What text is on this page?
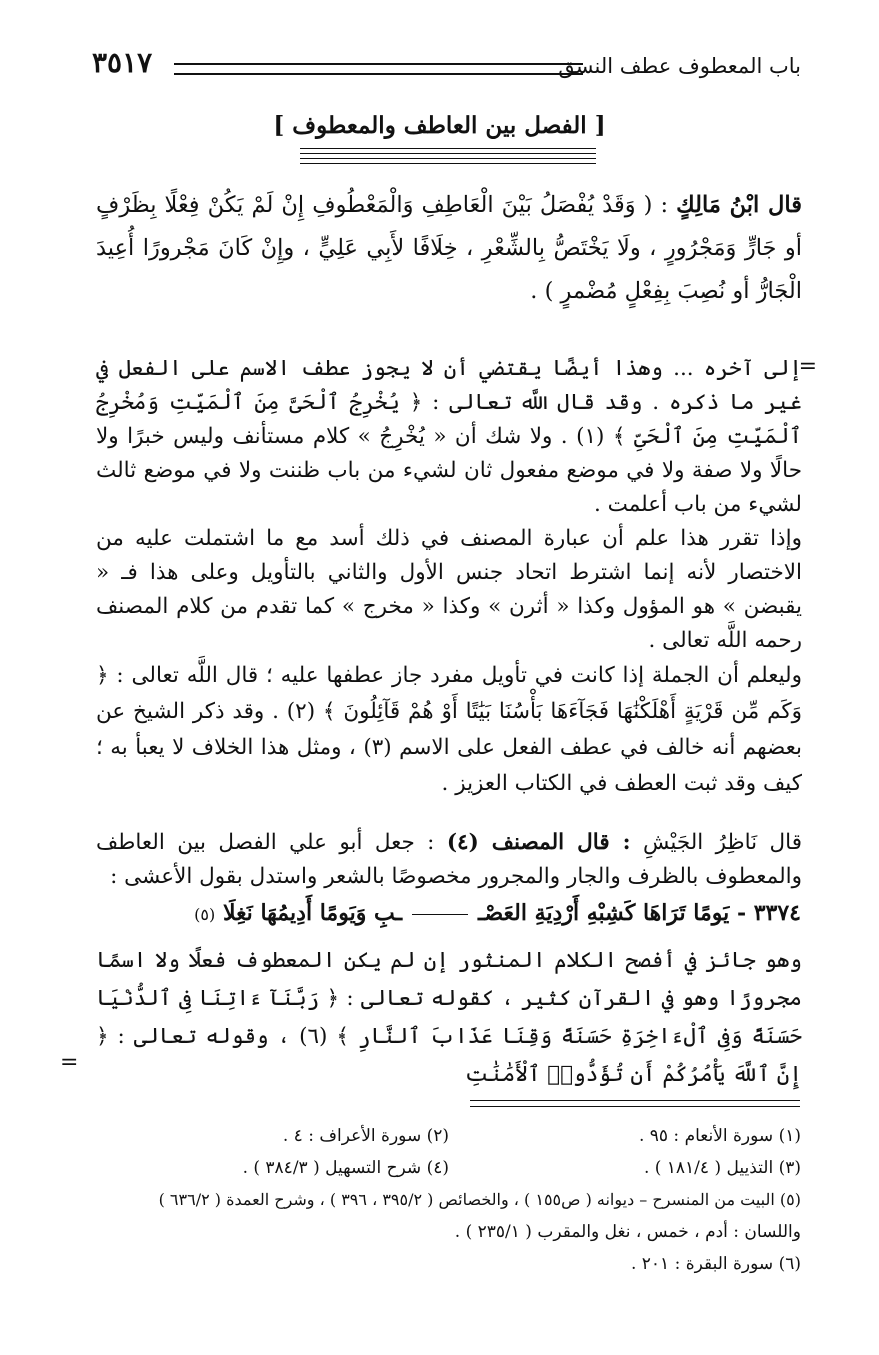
باب المعطوف عطف النسق
٣٥١٧
[ الفصل بين العاطف والمعطوف ]

قال ابْنُ مَالِكٍ : ( وَقَدْ يُفْصَلُ بَيْنَ الْعَاطِفِ وَالْمَعْطُوفِ إِنْ لَمْ يَكُنْ فِعْلًا بِظَرْفٍ أو جَارٍّ وَمَجْرُورٍ ، ولَا يَخْتَصُّ بِالشِّعْرِ ، خِلَافًا لأَبِي عَلِيٍّ ، وإِنْ كَانَ مَجْرورًا أُعِيدَ الْجَارُّ أو نُصِبَ بِفِعْلٍ مُضْمرٍ ) .

=

إلى آخره ... وهذا أيضًا يقتضي أن لا يجوز عطف الاسم على الفعل في غير ما ذكره . وقد قال اللَّه تعالى : ﴿ يُخْرِجُ ٱلْحَىَّ مِنَ ٱلْمَيِّتِ وَمُخْرِجُ ٱلْمَيِّتِ مِنَ ٱلْحَىِّ ﴾ (١) . ولا شك أن « يُخْرِجُ » كلام مستأنف وليس خبرًا ولا حالًا ولا صفة ولا في موضع مفعول ثان لشيء من باب ظننت ولا في موضع ثالث لشيء من باب أعلمت .

وإذا تقرر هذا علم أن عبارة المصنف في ذلك أسد مع ما اشتملت عليه من الاختصار لأنه إنما اشترط اتحاد جنس الأول والثاني بالتأويل وعلى هذا فـ « يقبضن » هو المؤول وكذا « أثرن » وكذا « مخرج » كما تقدم من كلام المصنف رحمه اللَّه تعالى .

وليعلم أن الجملة إذا كانت في تأويل مفرد جاز عطفها عليه ؛ قال اللَّه تعالى : ﴿ وَكَم مِّن قَرْيَةٍ أَهْلَكْنَٰهَا فَجَآءَهَا بَأْسُنَا بَيَٰتًا أَوْ هُمْ قَآئِلُونَ ﴾ (٢) . وقد ذكر الشيخ عن بعضهم أنه خالف في عطف الفعل على الاسم (٣) ، ومثل هذا الخلاف لا يعبأ به ؛ كيف وقد ثبت العطف في الكتاب العزيز .

قال نَاظِرُ الجَيْشِ : قال المصنف (٤) : جعل أبو علي الفصل بين العاطف والمعطوف بالظرف والجار والمجرور مخصوصًا بالشعر واستدل بقول الأعشى :

٣٣٧٤ - يَومًا تَرَاهَا كَشِبْهِ أَرْدِيَةِ العَصْــبِ وَيَومًا أَدِيمُهَا نَغِلَا (٥)

وهو جائز في أفصح الكلام المنثور إن لم يكن المعطوف فعلًا ولا اسمًا مجرورًا وهو في القرآن كثير ، كقوله تعالى : ﴿ رَبَّنَآ ءَاتِنَا فِى ٱلدُّنْيَا حَسَنَةً وَفِى ٱلْءَاخِرَةِ حَسَنَةً وَقِنَا عَذَابَ ٱلنَّارِ ﴾ (٦) ، وقوله تعالى : ﴿ إِنَّ ٱللَّهَ يَأْمُرُكُمْ أَن تُؤَدُّوا۟ ٱلْأَمَٰنَٰتِ

=
(١) سورة الأنعام : ٩٥ .
(٢) سورة الأعراف : ٤ .
(٣) التذييل ( ١٨١/٤ ) .
(٤) شرح التسهيل ( ٣٨٤/٣ ) .
(٥) البيت من المنسرح – ديوانه ( ص١٥٥ ) ، والخصائص ( ٣٩٥/٢ ، ٣٩٦ ) ، وشرح العمدة ( ٦٣٦/٢ )
واللسان : أدم ، خمس ، نغل والمقرب ( ٢٣٥/١ ) .
(٦) سورة البقرة : ٢٠١ .
